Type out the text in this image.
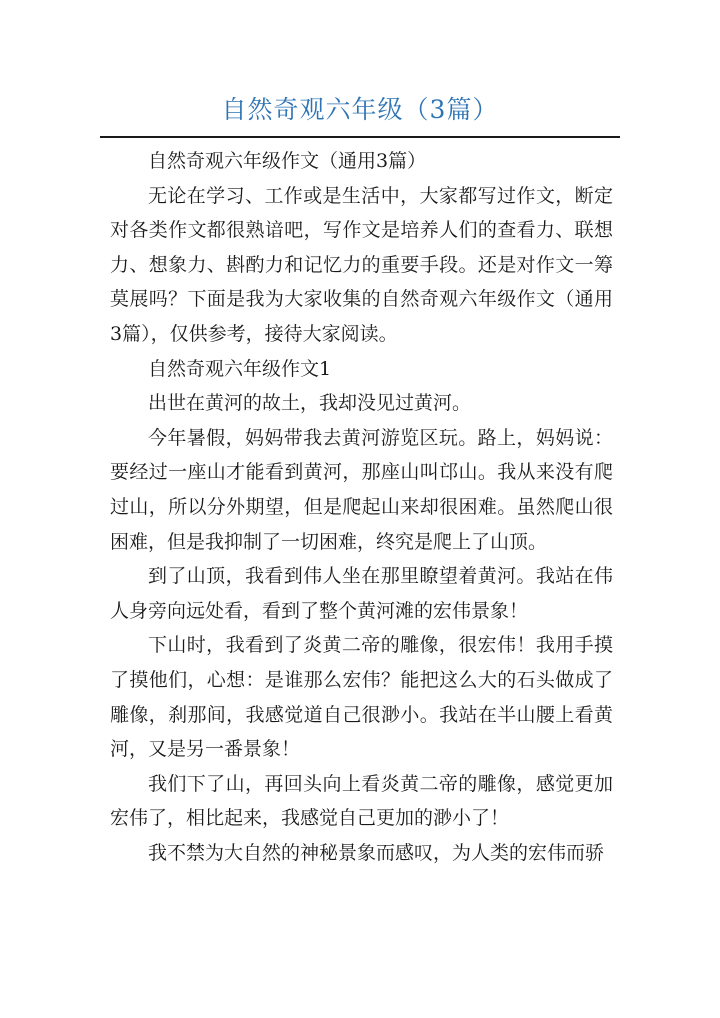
自然奇观六年级（3篇）

自然奇观六年级作文（通用3篇）

无论在学习、工作或是生活中，大家都写过作文，断定对各类作文都很熟谙吧，写作文是培养人们的查看力、联想力、想象力、斟酌力和记忆力的重要手段。还是对作文一筹莫展吗？下面是我为大家收集的自然奇观六年级作文（通用3篇），仅供参考，接待大家阅读。

自然奇观六年级作文1

出世在黄河的故土，我却没见过黄河。

今年暑假，妈妈带我去黄河游览区玩。路上，妈妈说：要经过一座山才能看到黄河，那座山叫邙山。我从来没有爬过山，所以分外期望，但是爬起山来却很困难。虽然爬山很困难，但是我抑制了一切困难，终究是爬上了山顶。

到了山顶，我看到伟人坐在那里瞭望着黄河。我站在伟人身旁向远处看，看到了整个黄河滩的宏伟景象！

下山时，我看到了炎黄二帝的雕像，很宏伟！我用手摸了摸他们，心想：是谁那么宏伟？能把这么大的石头做成了雕像，刹那间，我感觉道自己很渺小。我站在半山腰上看黄河，又是另一番景象！

我们下了山，再回头向上看炎黄二帝的雕像，感觉更加宏伟了，相比起来，我感觉自己更加的渺小了！

我不禁为大自然的神秘景象而感叹，为人类的宏伟而骄
